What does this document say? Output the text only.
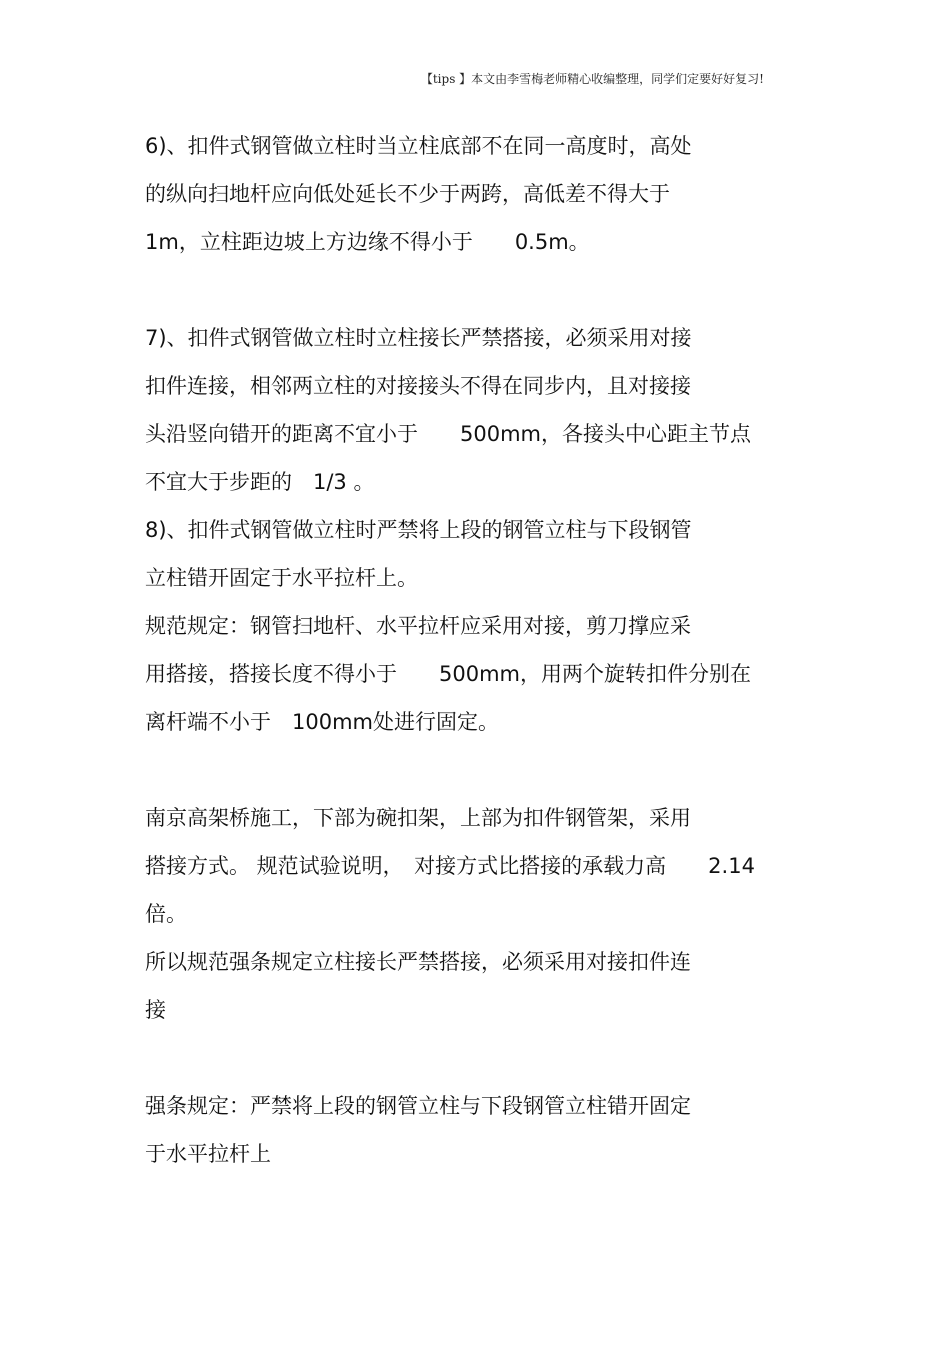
【tips 】本文由李雪梅老师精心收编整理，同学们定要好好复习!
6)、扣件式钢管做立柱时当立柱底部不在同一高度时，高处
的纵向扫地杆应向低处延长不少于两跨，高低差不得大于
1m，立柱距边坡上方边缘不得小于　　0.5m。
7)、扣件式钢管做立柱时立柱接长严禁搭接，必须采用对接
扣件连接，相邻两立柱的对接接头不得在同步内，且对接接
头沿竖向错开的距离不宜小于　　500mm，各接头中心距主节点
不宜大于步距的　1/3 。
8)、扣件式钢管做立柱时严禁将上段的钢管立柱与下段钢管
立柱错开固定于水平拉杆上。
规范规定：钢管扫地杆、水平拉杆应采用对接，剪刀撑应采
用搭接，搭接长度不得小于　　500mm，用两个旋转扣件分别在
离杆端不小于　100mm处进行固定。
南京高架桥施工，下部为碗扣架，上部为扣件钢管架，采用
搭接方式。 规范试验说明，　对接方式比搭接的承载力高　　2.14
倍。
所以规范强条规定立柱接长严禁搭接，必须采用对接扣件连
接
强条规定：严禁将上段的钢管立柱与下段钢管立柱错开固定
于水平拉杆上
